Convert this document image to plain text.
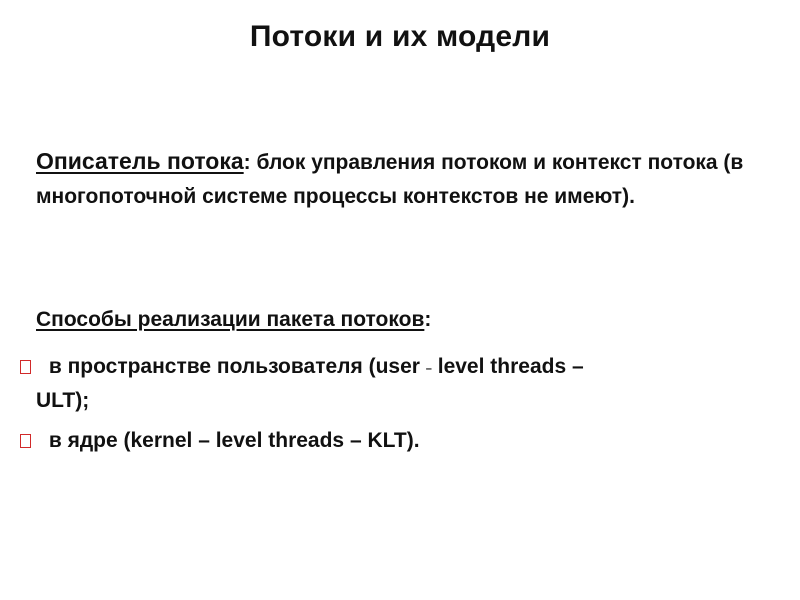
Потоки и их модели
Описатель потока: блок управления потоком и контекст потока (в многопоточной системе процессы контекстов не имеют).
Способы реализации пакета потоков:
в пространстве пользователя (user – level threads –
ULT);
в ядре (kernel – level threads – KLT).
